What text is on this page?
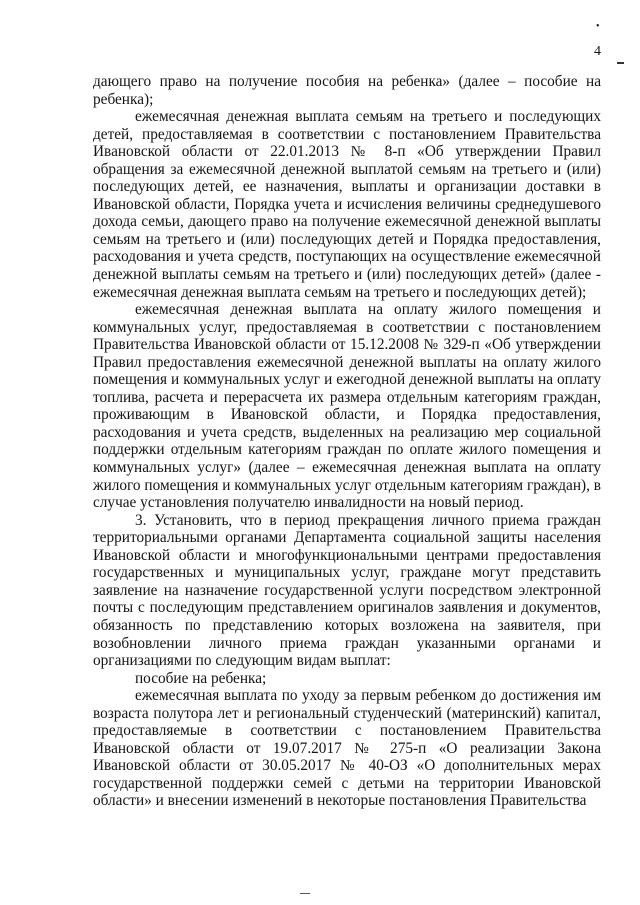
•
4

дающего право на получение пособия на ребенка» (далее – пособие на ребенка);

ежемесячная денежная выплата семьям на третьего и последующих детей, предоставляемая в соответствии с постановлением Правительства Ивановской области от 22.01.2013 № 8-п «Об утверждении Правил обращения за ежемесячной денежной выплатой семьям на третьего и (или) последующих детей, ее назначения, выплаты и организации доставки в Ивановской области, Порядка учета и исчисления величины среднедушевого дохода семьи, дающего право на получение ежемесячной денежной выплаты семьям на третьего и (или) последующих детей и Порядка предоставления, расходования и учета средств, поступающих на осуществление ежемесячной денежной выплаты семьям на третьего и (или) последующих детей» (далее - ежемесячная денежная выплата семьям на третьего и последующих детей);

ежемесячная денежная выплата на оплату жилого помещения и коммунальных услуг, предоставляемая в соответствии с постановлением Правительства Ивановской области от 15.12.2008 № 329-п «Об утверждении Правил предоставления ежемесячной денежной выплаты на оплату жилого помещения и коммунальных услуг и ежегодной денежной выплаты на оплату топлива, расчета и перерасчета их размера отдельным категориям граждан, проживающим в Ивановской области, и Порядка предоставления, расходования и учета средств, выделенных на реализацию мер социальной поддержки отдельным категориям граждан по оплате жилого помещения и коммунальных услуг» (далее – ежемесячная денежная выплата на оплату жилого помещения и коммунальных услуг отдельным категориям граждан), в случае установления получателю инвалидности на новый период.

3. Установить, что в период прекращения личного приема граждан территориальными органами Департамента социальной защиты населения Ивановской области и многофункциональными центрами предоставления государственных и муниципальных услуг, граждане могут представить заявление на назначение государственной услуги посредством электронной почты с последующим представлением оригиналов заявления и документов, обязанность по представлению которых возложена на заявителя, при возобновлении личного приема граждан указанными органами и организациями по следующим видам выплат:

пособие на ребенка;

ежемесячная выплата по уходу за первым ребенком до достижения им возраста полутора лет и региональный студенческий (материнский) капитал, предоставляемые в соответствии с постановлением Правительства Ивановской области от 19.07.2017 № 275-п «О реализации Закона Ивановской области от 30.05.2017 № 40-ОЗ «О дополнительных мерах государственной поддержки семей с детьми на территории Ивановской области» и внесении изменений в некоторые постановления Правительства
